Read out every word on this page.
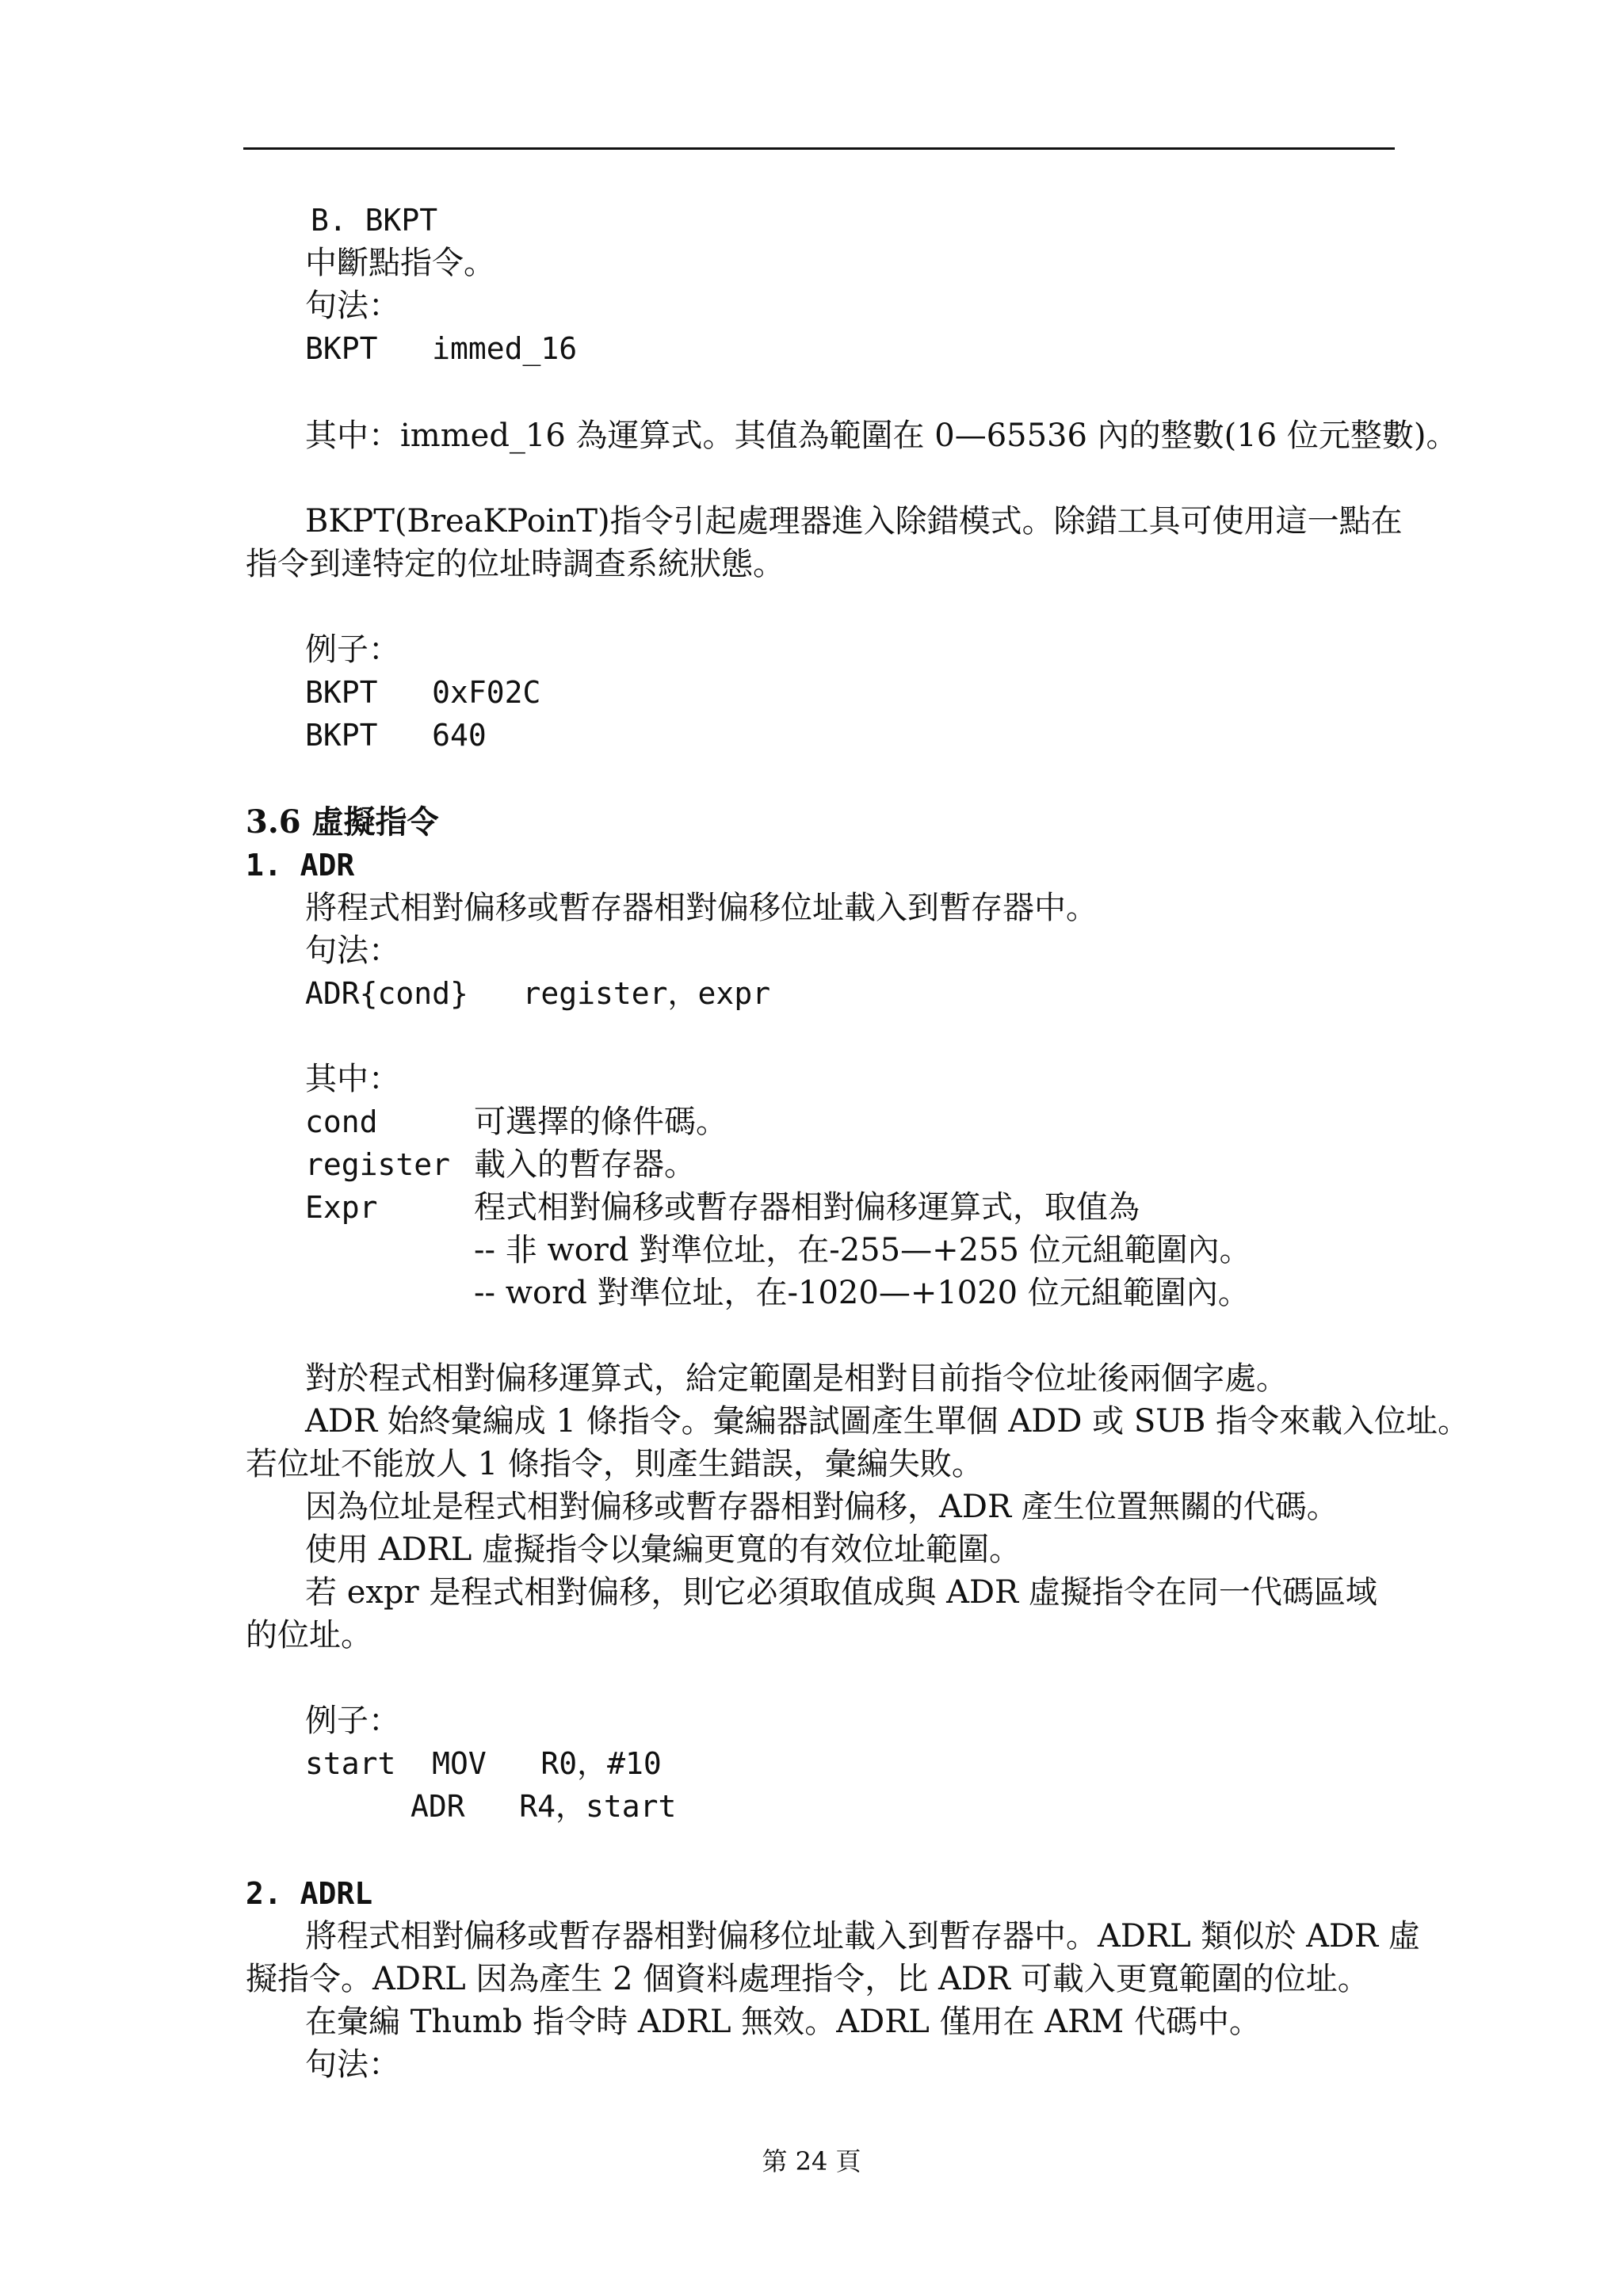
B. BKPT
中斷點指令。
句法：
BKPT   immed_16
其中：immed_16 為運算式。其值為範圍在 0—65536 內的整數(16 位元整數)。
BKPT(BreaKPoinT)指令引起處理器進入除錯模式。除錯工具可使用這一點在
指令到達特定的位址時調查系統狀態。
例子：
BKPT   0xF02C
BKPT   640
3.6 虛擬指令
1. ADR
將程式相對偏移或暫存器相對偏移位址載入到暫存器中。
句法：
ADR{cond}   register，expr
其中：
cond	可選擇的條件碼。
register 載入的暫存器。
Expr	程式相對偏移或暫存器相對偏移運算式，取值為
-- 非 word 對準位址，在-255—+255 位元組範圍內。
-- word 對準位址，在-1020—+1020 位元組範圍內。
對於程式相對偏移運算式，給定範圍是相對目前指令位址後兩個字處。
ADR 始終彙編成 1 條指令。彙編器試圖產生單個 ADD 或 SUB 指令來載入位址。
若位址不能放人 1 條指令，則產生錯誤，彙編失敗。
因為位址是程式相對偏移或暫存器相對偏移，ADR 產生位置無關的代碼。
使用 ADRL 虛擬指令以彙編更寬的有效位址範圍。
若 expr 是程式相對偏移，則它必須取值成與 ADR 虛擬指令在同一代碼區域
的位址。
例子：
start  MOV   R0，#10
ADR   R4，start
2. ADRL
將程式相對偏移或暫存器相對偏移位址載入到暫存器中。ADRL 類似於 ADR 虛
擬指令。ADRL 因為產生 2 個資料處理指令，比 ADR 可載入更寬範圍的位址。
在彙編 Thumb 指令時 ADRL 無效。ADRL 僅用在 ARM 代碼中。
句法：
第 24 頁
